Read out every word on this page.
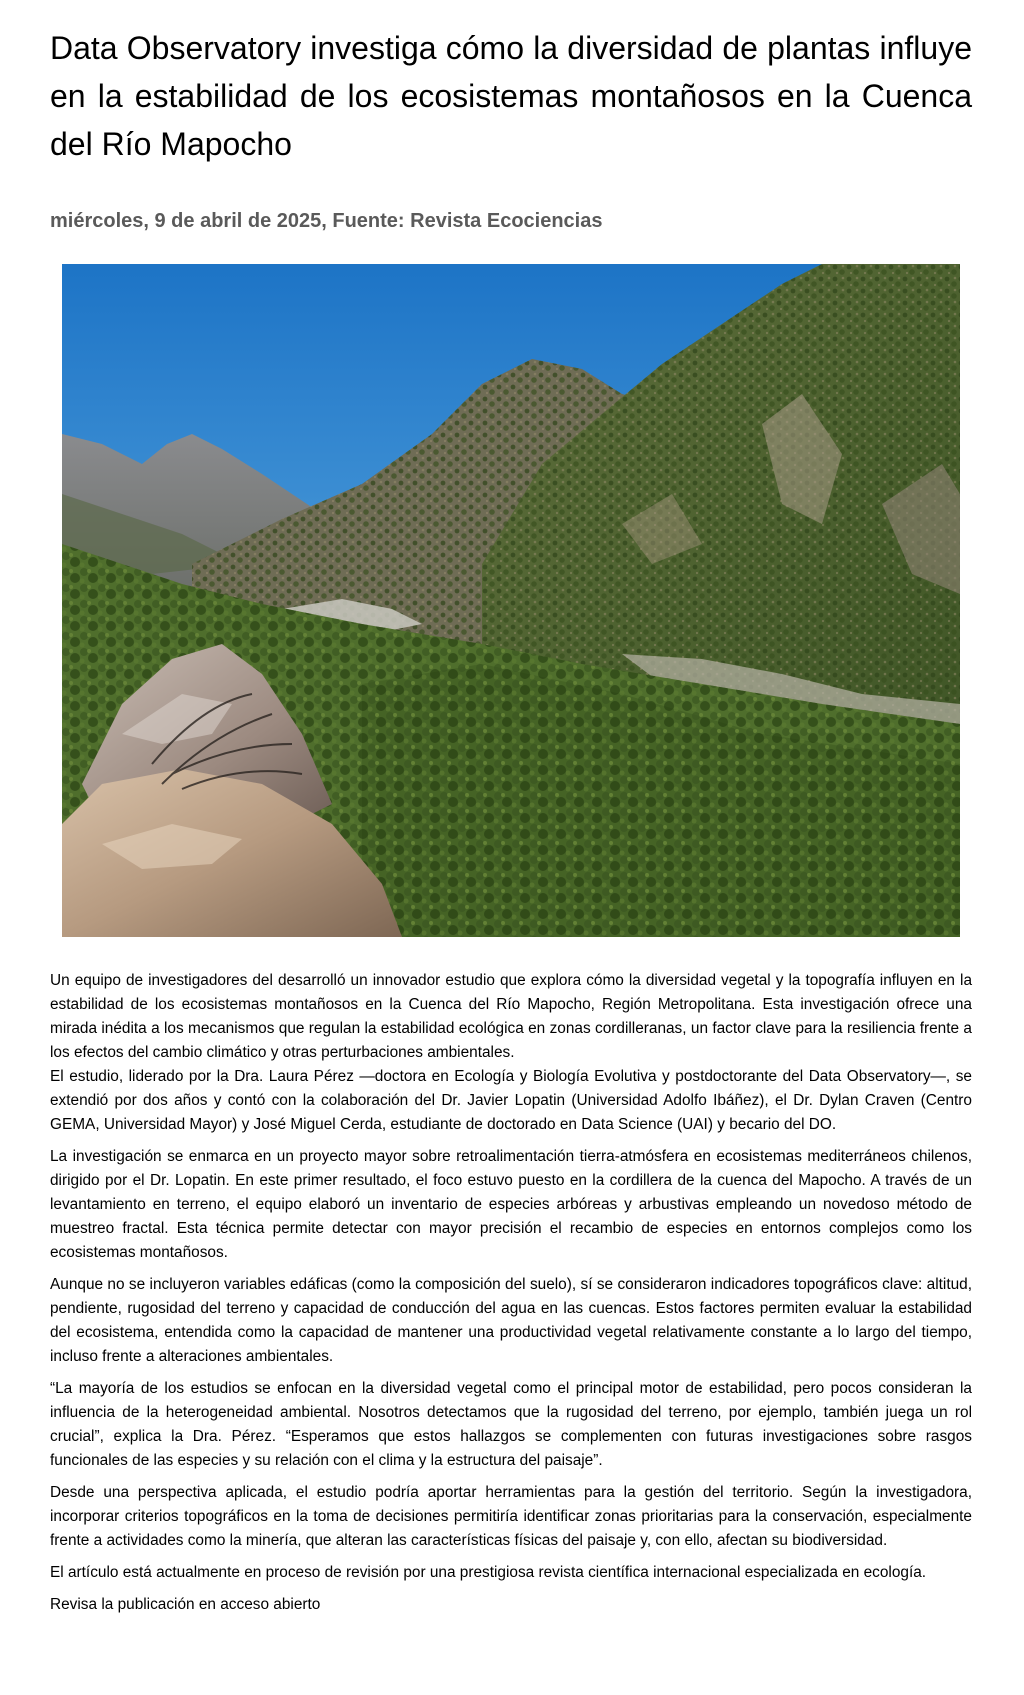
Data Observatory investiga cómo la diversidad de plantas influye en la estabilidad de los ecosistemas montañosos en la Cuenca del Río Mapocho
miércoles, 9 de abril de 2025, Fuente: Revista Ecociencias

Un equipo de investigadores del desarrolló un innovador estudio que explora cómo la diversidad vegetal y la topografía influyen en la estabilidad de los ecosistemas montañosos en la Cuenca del Río Mapocho, Región Metropolitana. Esta investigación ofrece una mirada inédita a los mecanismos que regulan la estabilidad ecológica en zonas cordilleranas, un factor clave para la resiliencia frente a los efectos del cambio climático y otras perturbaciones ambientales.

El estudio, liderado por la Dra. Laura Pérez —doctora en Ecología y Biología Evolutiva y postdoctorante del Data Observatory—, se extendió por dos años y contó con la colaboración del Dr. Javier Lopatin (Universidad Adolfo Ibáñez), el Dr. Dylan Craven (Centro GEMA, Universidad Mayor) y José Miguel Cerda, estudiante de doctorado en Data Science (UAI) y becario del DO.

La investigación se enmarca en un proyecto mayor sobre retroalimentación tierra-atmósfera en ecosistemas mediterráneos chilenos, dirigido por el Dr. Lopatin. En este primer resultado, el foco estuvo puesto en la cordillera de la cuenca del Mapocho. A través de un levantamiento en terreno, el equipo elaboró un inventario de especies arbóreas y arbustivas empleando un novedoso método de muestreo fractal. Esta técnica permite detectar con mayor precisión el recambio de especies en entornos complejos como los ecosistemas montañosos.

Aunque no se incluyeron variables edáficas (como la composición del suelo), sí se consideraron indicadores topográficos clave: altitud, pendiente, rugosidad del terreno y capacidad de conducción del agua en las cuencas. Estos factores permiten evaluar la estabilidad del ecosistema, entendida como la capacidad de mantener una productividad vegetal relativamente constante a lo largo del tiempo, incluso frente a alteraciones ambientales.

“La mayoría de los estudios se enfocan en la diversidad vegetal como el principal motor de estabilidad, pero pocos consideran la influencia de la heterogeneidad ambiental. Nosotros detectamos que la rugosidad del terreno, por ejemplo, también juega un rol crucial”, explica la Dra. Pérez. “Esperamos que estos hallazgos se complementen con futuras investigaciones sobre rasgos funcionales de las especies y su relación con el clima y la estructura del paisaje”.

Desde una perspectiva aplicada, el estudio podría aportar herramientas para la gestión del territorio. Según la investigadora, incorporar criterios topográficos en la toma de decisiones permitiría identificar zonas prioritarias para la conservación, especialmente frente a actividades como la minería, que alteran las características físicas del paisaje y, con ello, afectan su biodiversidad.

El artículo está actualmente en proceso de revisión por una prestigiosa revista científica internacional especializada en ecología.

Revisa la publicación en acceso abierto
